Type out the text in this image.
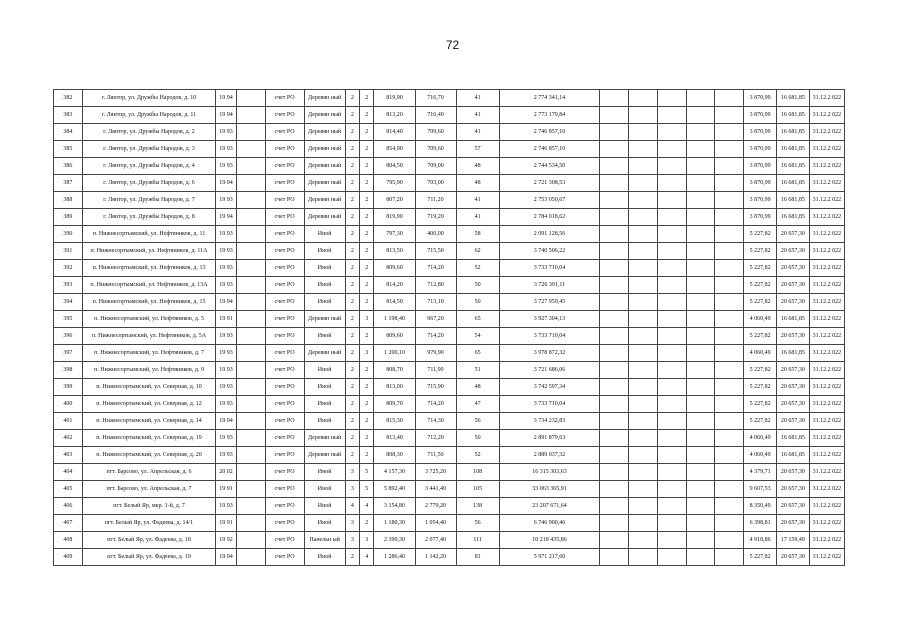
72
382	г. Лянтор, ул. Дружбы Народов, д. 10	19 94		счет РО	Деревян ный	2	2	819,90	716,70	41	2 774 341,14						3 870,99	16 681,85	31.12.2 022
383	г. Лянтор, ул. Дружбы Народов, д. 11	19 94		счет РО	Деревян ный	2	2	813,20	716,40	41	2 773 179,84						3 870,99	16 681,85	31.12.2 022
384	г. Лянтор, ул. Дружбы Народов, д. 2	19 93		счет РО	Деревян ный	2	2	814,40	709,60	41	2 746 857,10						3 870,99	16 681,85	31.12.2 022
385	г. Лянтор, ул. Дружбы Народов, д. 3	19 93		счет РО	Деревян ный	2	2	854,90	709,60	57	2 746 857,10						3 870,99	16 681,85	31.12.2 022
386	г. Лянтор, ул. Дружбы Народов, д. 4	19 93		счет РО	Деревян ный	2	2	804,50	709,00	48	2 744 534,50						3 870,99	16 681,85	31.12.2 022
387	г. Лянтор, ул. Дружбы Народов, д. 6	19 94		счет РО	Деревян ный	2	2	795,90	703,00	48	2 721 308,53						3 870,99	16 681,85	31.12.2 022
388	г. Лянтор, ул. Дружбы Народов, д. 7	19 93		счет РО	Деревян ный	2	2	807,20	711,20	41	2 753 050,67						3 870,99	16 681,85	31.12.2 022
389	г. Лянтор, ул. Дружбы Народов, д. 8	19 94		счет РО	Деревян ный	2	2	819,90	719,20	41	2 784 018,62						3 870,99	16 681,85	31.12.2 022
390	п. Нижнесортымский, ул. Нефтяников, д. 11	19 93		счет РО	Иной	2	2	797,30	400,00	58	2 091 128,56						5 227,82	20 657,30	31.12.2 022
391	п. Нижнесортымский, ул. Нефтяников, д. 11А	19 93		счет РО	Иной	2	2	813,50	715,50	62	3 740 506,22						5 227,82	20 657,30	31.12.2 022
392	п. Нижнесортымский, ул. Нефтяников, д. 13	19 93		счет РО	Иной	2	2	809,60	714,20	52	3 733 710,04						5 227,82	20 657,30	31.12.2 022
393	п. Нижнесортымский, ул. Нефтяников, д. 13А	19 93		счет РО	Иной	2	2	814,20	712,80	50	3 726 391,11						5 227,82	20 657,30	31.12.2 022
394	п. Нижнесортымский, ул. Нефтяников, д. 15	19 94		счет РО	Иной	2	2	814,50	713,10	50	3 727 959,45						5 227,82	20 657,30	31.12.2 022
395	п. Нижнесортымский, ул. Нефтяников, д. 5	19 91		счет РО	Деревян ный	2	3	1 198,40	967,20	65	3 927 304,13						4 060,49	16 681,85	31.12.2 022
396	п. Нижнесортымский, ул. Нефтяников, д. 5А	19 93		счет РО	Иной	2	2	809,60	714,20	54	3 733 710,04						5 227,82	20 657,30	31.12.2 022
397	п. Нижнесортымский, ул. Нефтяников, д. 7	19 93		счет РО	Деревян ный	2	3	1 200,10	979,90	65	3 978 872,32						4 060,49	16 681,85	31.12.2 022
398	п. Нижнесортымский, ул. Нефтяников, д. 9	19 93		счет РО	Иной	2	2	808,70	711,90	51	3 721 686,06						5 227,82	20 657,30	31.12.2 022
399	п. Нижнесортымский, ул. Северная, д. 10	19 93		счет РО	Иной	2	2	813,00	715,90	48	3 742 597,34						5 227,82	20 657,30	31.12.2 022
400	п. Нижнесортымский, ул. Северная, д. 12	19 93		счет РО	Иной	2	2	809,70	714,20	47	3 733 710,04						5 227,82	20 657,30	31.12.2 022
401	п. Нижнесортымский, ул. Северная, д. 14	19 94		счет РО	Иной	2	2	815,30	714,30	56	3 734 232,83						5 227,82	20 657,30	31.12.2 022
402	п. Нижнесортымский, ул. Северная, д. 19	19 93		счет РО	Деревян ный	2	2	813,40	712,20	50	2 891 879,63						4 060,49	16 681,85	31.12.2 022
403	п. Нижнесортымский, ул. Северная, д. 20	19 93		счет РО	Деревян ный	2	2	808,30	711,50	52	2 889 037,32						4 060,49	16 681,85	31.12.2 022
404	пгт. Барсово, ул. Апрельская, д. 6	20 02		счет РО	Иной	3	5	4 157,30	3 725,20	108	16 315 303,63						4 379,71	20 657,30	31.12.2 022
405	пгт. Барсово, ул. Апрельская, д. 7	19 91		счет РО	Иной	3	5	5 892,40	3 441,40	105	33 063 365,91						9 607,53	20 657,30	31.12.2 022
406	пгт. Белый Яр, мкр. 1-й, д. 7	19 93		счет РО	Иной	4	4	3 154,80	2 779,20	138	23 207 671,64						8 350,49	20 657,30	31.12.2 022
407	пгт. Белый Яр, ул. Фадеева, д. 14/1	19 91		счет РО	Иной	3	2	1 180,30	1 054,40	56	6 746 900,46						6 398,81	20 657,30	31.12.2 022
408	пгт. Белый Яр, ул. Фадеева, д. 18	19 92		счет РО	Панельн ый	3	3	2 399,30	2 077,40	111	10 218 435,86						4 918,86	17 159,49	31.12.2 022
409	пгт. Белый Яр, ул. Фадеева, д. 19	19 94		счет РО	Иной	2	4	1 286,40	1 142,20	81	5 971 217,60						5 227,82	20 657,30	31.12.2 022
